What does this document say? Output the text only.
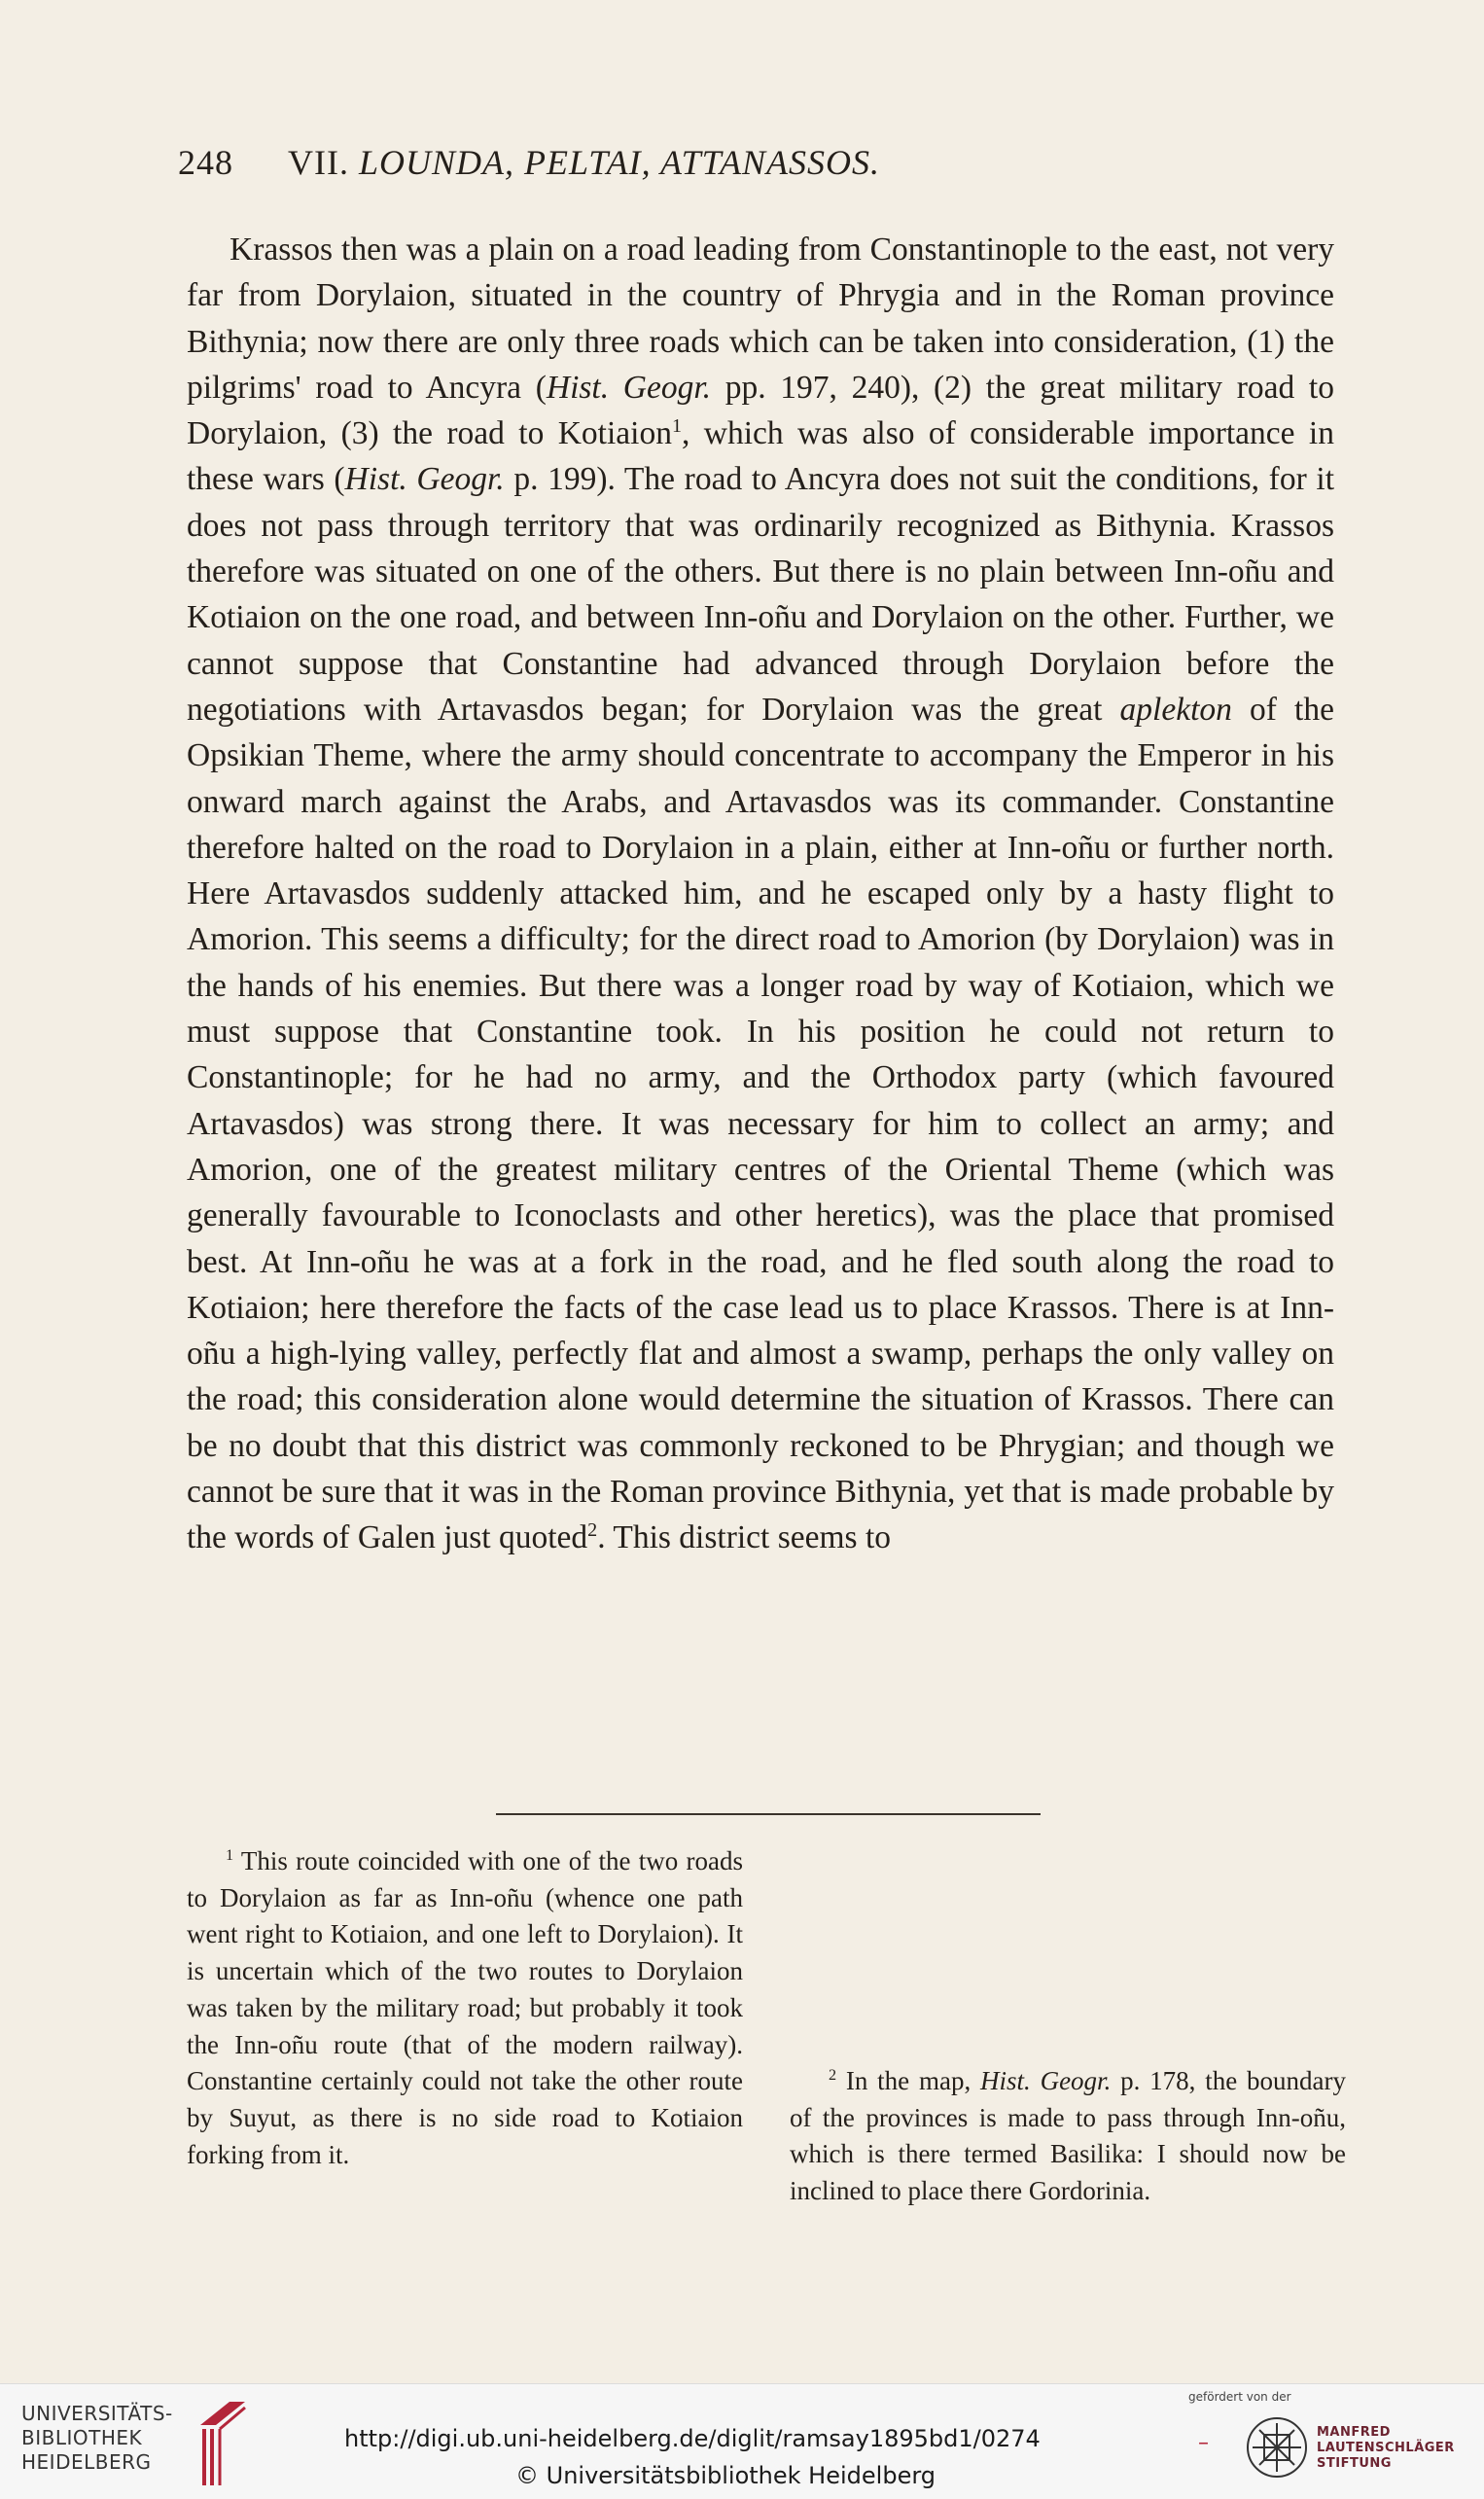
248 VII. LOUNDA, PELTAI, ATTANASSOS.

Krassos then was a plain on a road leading from Constantinople to the east, not very far from Dorylaion, situated in the country of Phrygia and in the Roman province Bithynia; now there are only three roads which can be taken into consideration, (1) the pilgrims' road to Ancyra (Hist. Geogr. pp. 197, 240), (2) the great military road to Dorylaion, (3) the road to Kotiaion$^1$, which was also of considerable importance in these wars (Hist. Geogr. p. 199). The road to Ancyra does not suit the conditions, for it does not pass through territory that was ordinarily recognized as Bithynia. Krassos therefore was situated on one of the others. But there is no plain between Inn-oñu and Kotiaion on the one road, and between Inn-oñu and Dorylaion on the other. Further, we cannot suppose that Constantine had advanced through Dorylaion before the negotiations with Artavasdos began; for Dorylaion was the great aplekton of the Opsikian Theme, where the army should concentrate to accompany the Emperor in his onward march against the Arabs, and Artavasdos was its commander. Constantine therefore halted on the road to Dorylaion in a plain, either at Inn-oñu or further north. Here Artavasdos suddenly attacked him, and he escaped only by a hasty flight to Amorion. This seems a difficulty; for the direct road to Amorion (by Dorylaion) was in the hands of his enemies. But there was a longer road by way of Kotiaion, which we must suppose that Constantine took. In his position he could not return to Constantinople; for he had no army, and the Orthodox party (which favoured Artavasdos) was strong there. It was necessary for him to collect an army; and Amorion, one of the greatest military centres of the Oriental Theme (which was generally favourable to Iconoclasts and other heretics), was the place that promised best. At Inn-oñu he was at a fork in the road, and he fled south along the road to Kotiaion; here therefore the facts of the case lead us to place Krassos. There is at Inn-oñu a high-lying valley, perfectly flat and almost a swamp, perhaps the only valley on the road; this consideration alone would determine the situation of Krassos. There can be no doubt that this district was commonly reckoned to be Phrygian; and though we cannot be sure that it was in the Roman province Bithynia, yet that is made probable by the words of Galen just quoted$^2$. This district seems to

$^1$ This route coincided with one of the two roads to Dorylaion as far as Inn-oñu (whence one path went right to Kotiaion, and one left to Dorylaion). It is uncertain which of the two routes to Dorylaion was taken by the military road; but probably it took the Inn-oñu route (that of the modern railway). Constantine certainly could not take the other route by Suyut, as there is no side road to Kotiaion forking from it.

$^2$ In the map, Hist. Geogr. p. 178, the boundary of the provinces is made to pass through Inn-oñu, which is there termed Basilika: I should now be inclined to place there Gordorinia.

UNIVERSITÄTS-
BIBLIOTHEK
HEIDELBERG
http://digi.ub.uni-heidelberg.de/diglit/ramsay1895bd1/0274
© Universitätsbibliothek Heidelberg
gefördert von der
–	MANFRED
LAUTENSCHLÄGER
STIFTUNG
